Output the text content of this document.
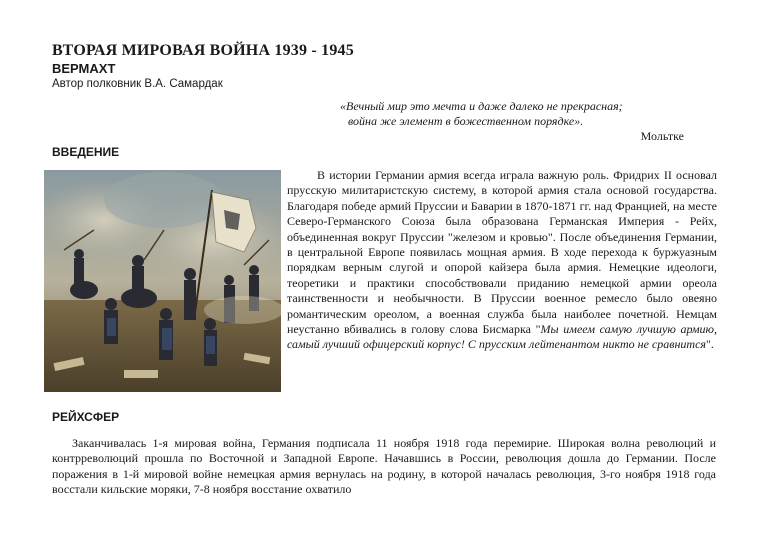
ВТОРАЯ МИРОВАЯ ВОЙНА 1939 - 1945
ВЕРМАХТ
Автор полковник В.А. Самардак
«Вечный мир это мечта и даже далеко не прекрасная;
война же элемент в божественном порядке».
Мольтке
ВВЕДЕНИЕ
В истории Германии армия всегда играла важную роль. Фридрих II основал прусскую милитаристскую систему, в которой армия стала основой государства. Благодаря победе армий Пруссии и Баварии в 1870-1871 гг. над Францией, на месте Северо-Германского Союза была образована Германская Империя - Рейх, объединенная вокруг Пруссии "железом и кровью". После объединения Германии, в центральной Европе появилась мощная армия. В ходе перехода к буржуазным порядкам верным слугой и опорой кайзера была армия. Немецкие идеологи, теоретики и практики способствовали приданию немецкой армии ореола таинственности и необычности. В Пруссии военное ремесло было овеяно романтическим ореолом, а военная служба была наиболее почетной. Немцам неустанно вбивались в голову слова Бисмарка "Мы имеем самую лучшую армию, самый лучший офицерский корпус! С прусским лейтенантом никто не сравнится".
РЕЙХСФЕР
Заканчивалась 1-я мировая война, Германия подписала 11 ноября 1918 года перемирие. Широкая волна революций и контрреволюций прошла по Восточной и Западной Европе. Начавшись в России, революция дошла до Германии. После поражения в 1-й мировой войне немецкая армия вернулась на родину, в которой началась революция, 3-го ноября 1918 года восстали кильские моряки, 7-8 ноября восстание охватило
